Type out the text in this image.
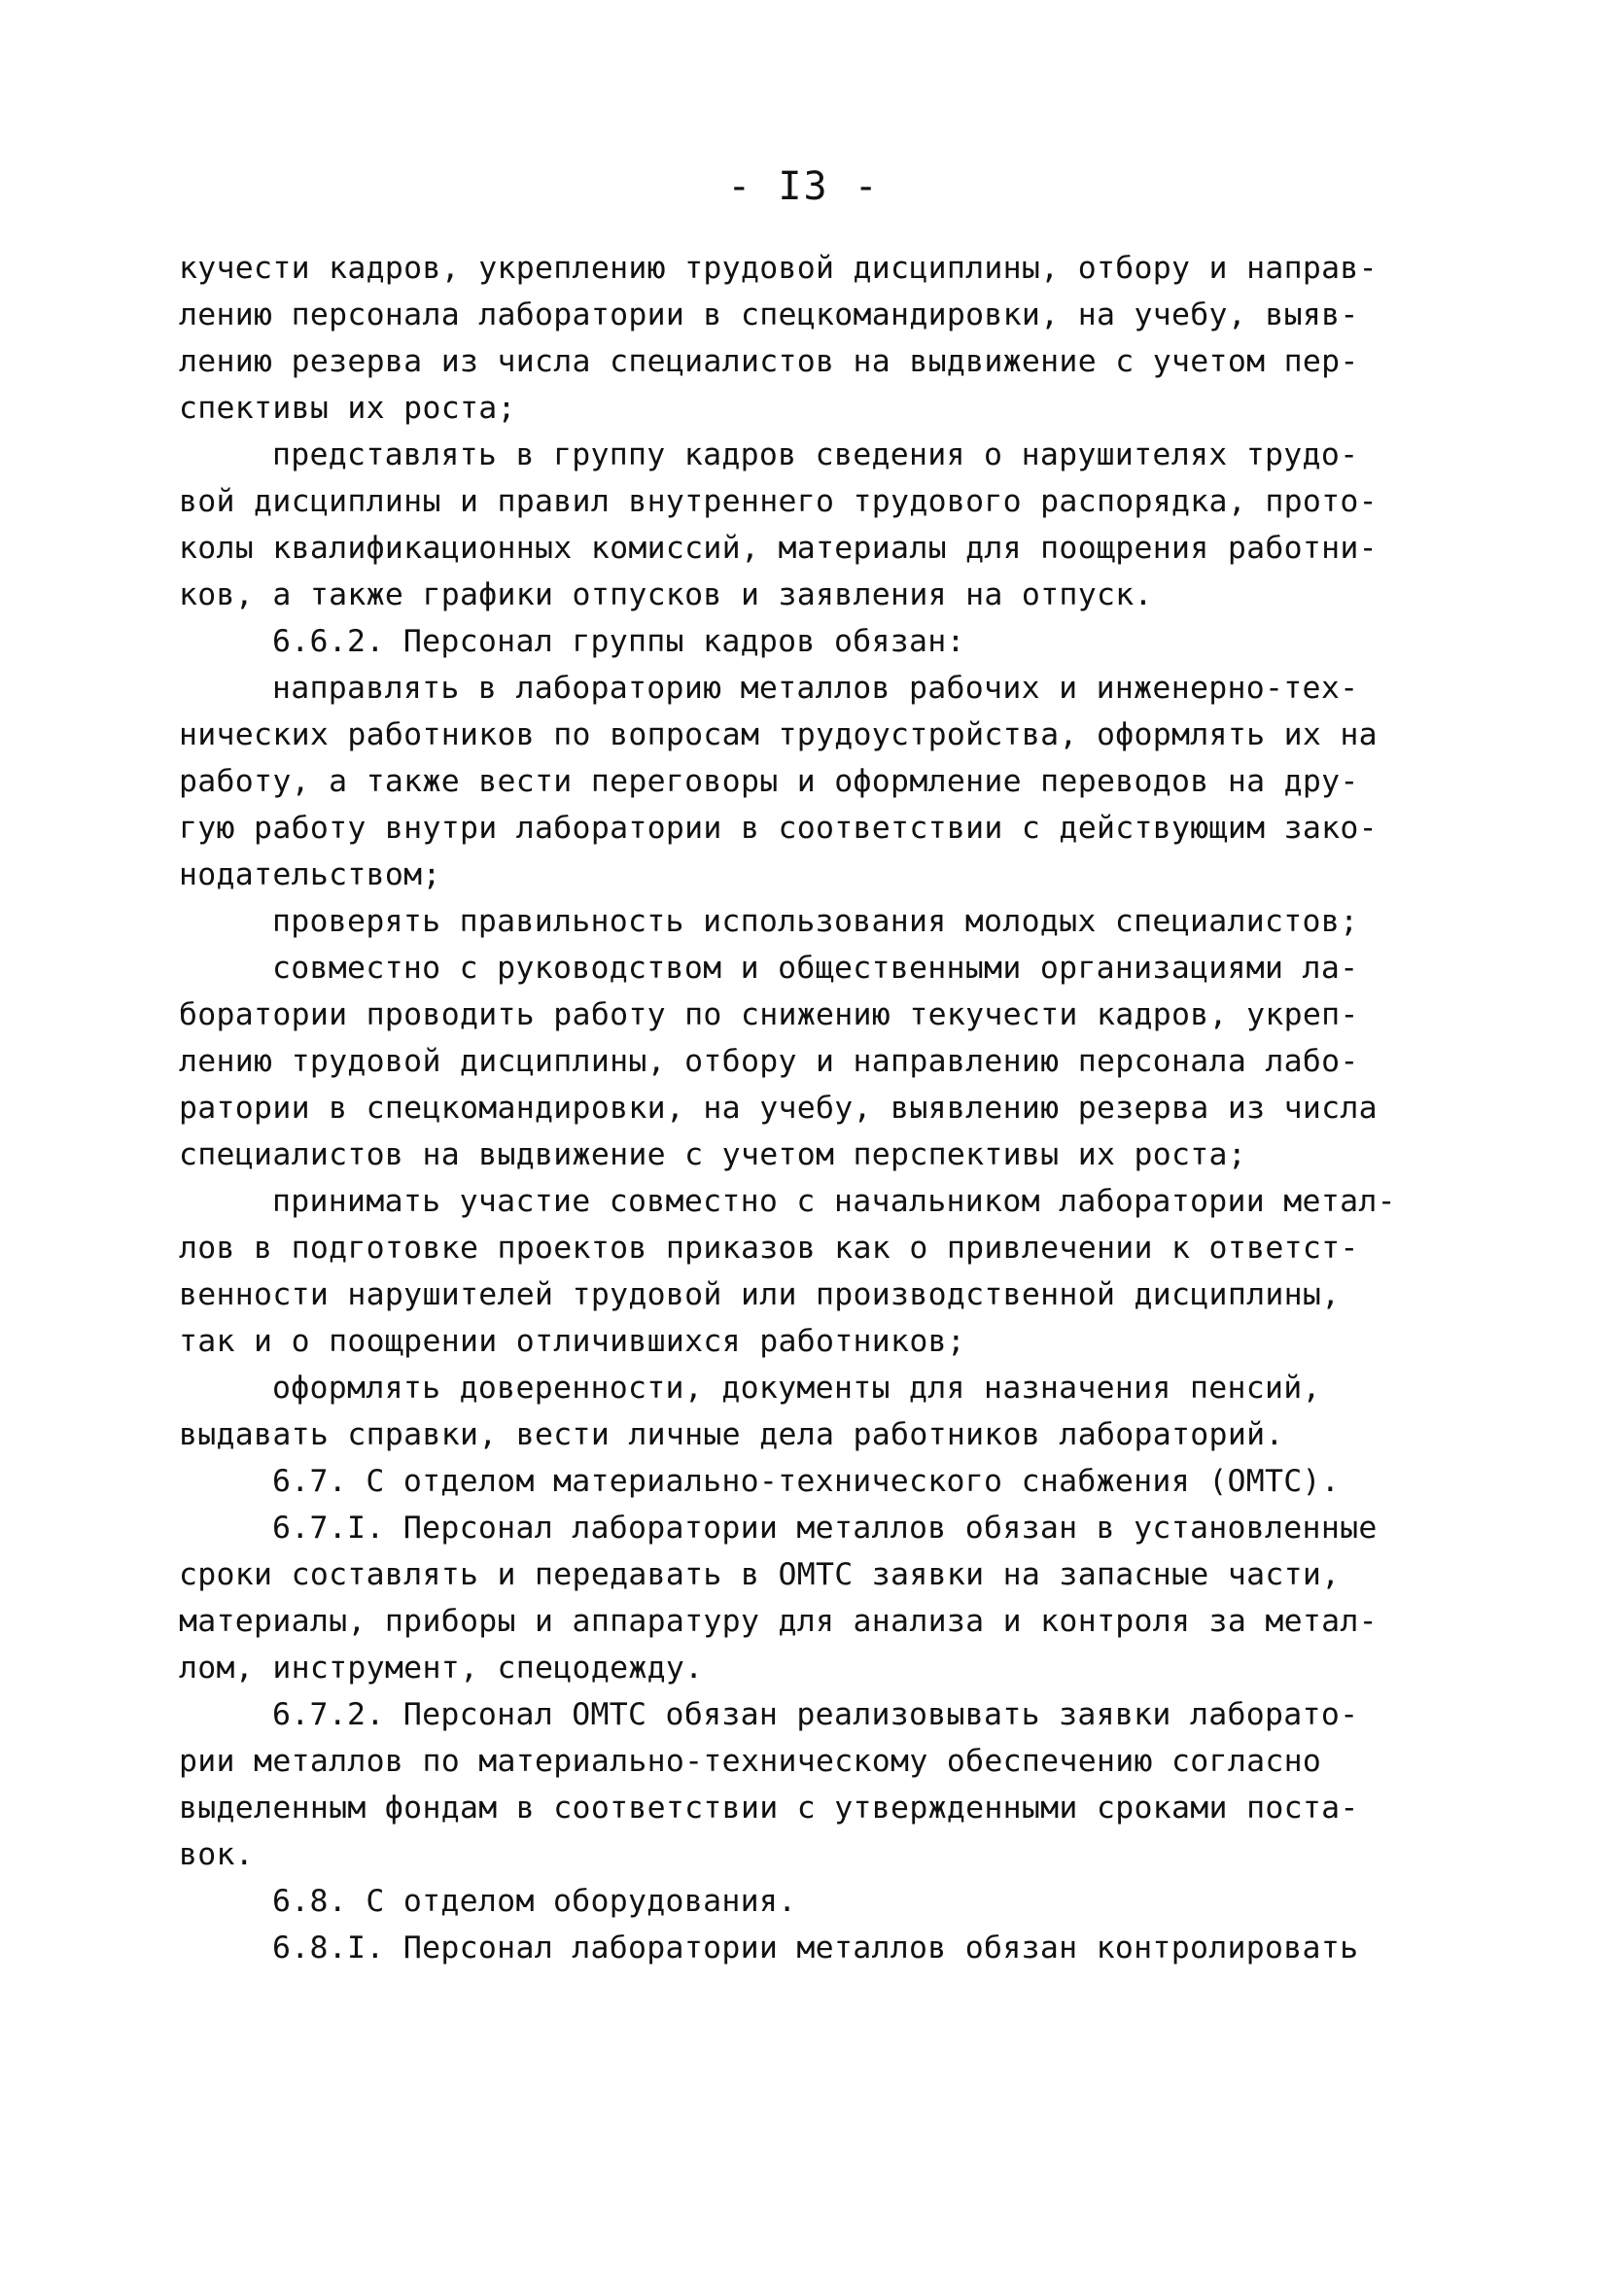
- I3 -
кучести кадров, укреплению трудовой дисциплины, отбору и направ-
лению персонала лаборатории в спецкомандировки, на учебу, выяв-
лению резерва из числа специалистов на выдвижение с учетом пер-
спективы их роста;
представлять в группу кадров сведения о нарушителях трудо-
вой дисциплины и правил внутреннего трудового распорядка, прото-
колы квалификационных комиссий, материалы для поощрения работни-
ков, а также графики отпусков и заявления на отпуск.
6.6.2. Персонал группы кадров обязан:
направлять в лабораторию металлов рабочих и инженерно-тех-
нических работников по вопросам трудоустройства, оформлять их на
работу, а также вести переговоры и оформление переводов на дру-
гую работу внутри лаборатории в соответствии с действующим зако-
нодательством;
проверять правильность использования молодых специалистов;
совместно с руководством и общественными организациями ла-
боратории проводить работу по снижению текучести кадров, укреп-
лению трудовой дисциплины, отбору и направлению персонала лабо-
ратории в спецкомандировки, на учебу, выявлению резерва из числа
специалистов на выдвижение с учетом перспективы их роста;
принимать участие совместно с начальником лаборатории метал-
лов в подготовке проектов приказов как о привлечении к ответст-
венности нарушителей трудовой или производственной дисциплины,
так и о поощрении отличившихся работников;
оформлять доверенности, документы для назначения пенсий,
выдавать справки, вести личные дела работников лабораторий.
6.7. С отделом материально-технического снабжения (ОМТС).
6.7.I. Персонал лаборатории металлов обязан в установленные
сроки составлять и передавать в ОМТС заявки на запасные части,
материалы, приборы и аппаратуру для анализа и контроля за метал-
лом, инструмент, спецодежду.
6.7.2. Персонал ОМТС обязан реализовывать заявки лаборато-
рии металлов по материально-техническому обеспечению согласно
выделенным фондам в соответствии с утвержденными сроками поста-
вок.
6.8. С отделом оборудования.
6.8.I. Персонал лаборатории металлов обязан контролировать
